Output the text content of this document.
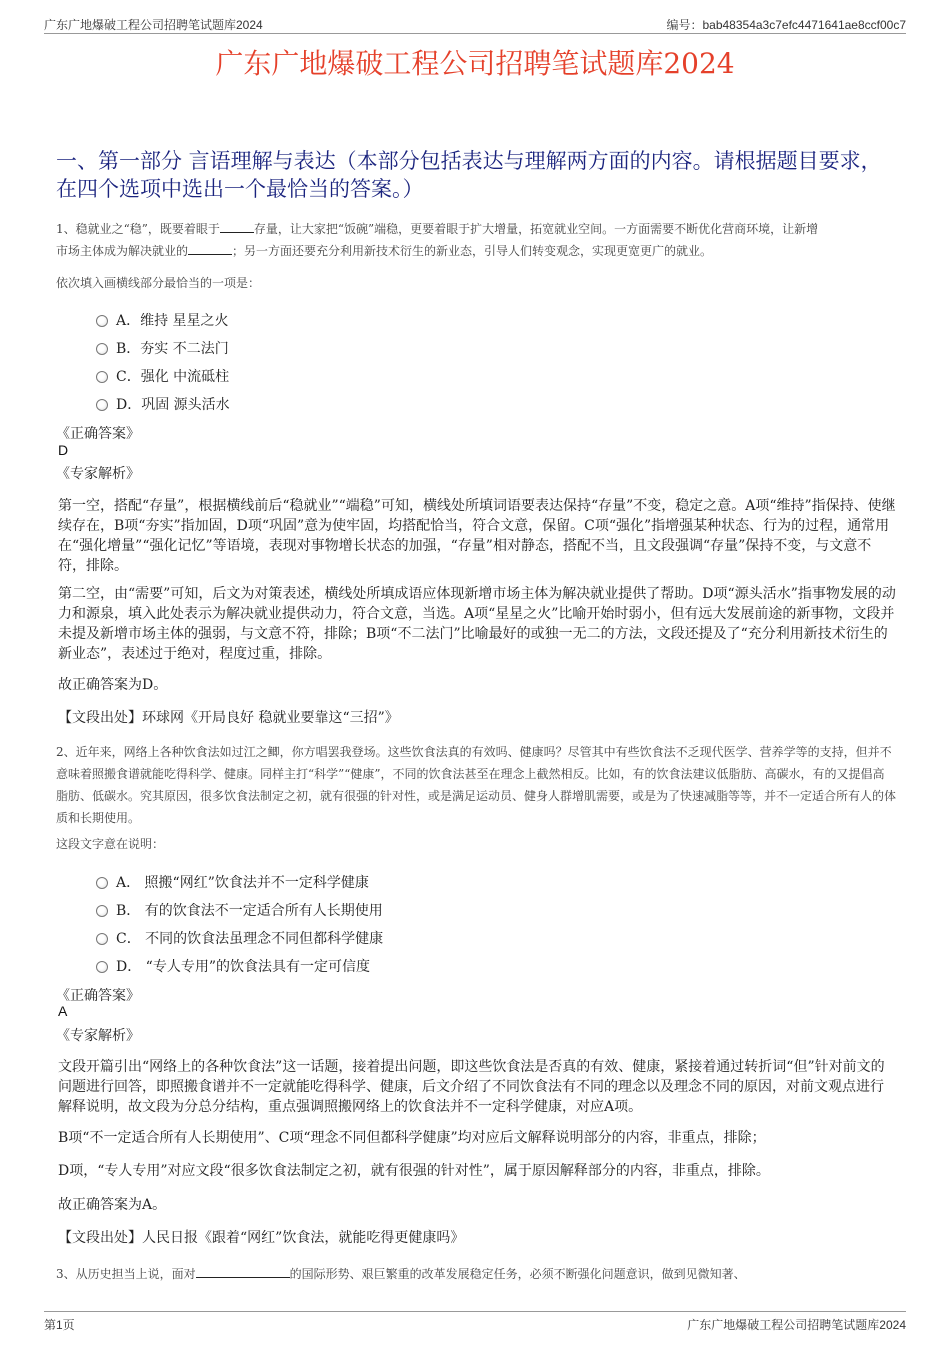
广东广地爆破工程公司招聘笔试题库2024	编号：bab48354a3c7efc4471641ae8ccf00c7
广东广地爆破工程公司招聘笔试题库2024
一、第一部分 言语理解与表达（本部分包括表达与理解两方面的内容。请根据题目要求，在四个选项中选出一个最恰当的答案。）
1、稳就业之“稳”，既要着眼于	存量，让大家把“饭碗”端稳，更要着眼于扩大增量，拓宽就业空间。一方面需要不断优化营商环境，让新增
市场主体成为解决就业的	；另一方面还要充分利用新技术衍生的新业态，引导人们转变观念，实现更宽更广的就业。
依次填入画横线部分最恰当的一项是：
A．维持 星星之火
B．夯实 不二法门
C．强化 中流砥柱
D．巩固 源头活水
《正确答案》
D
《专家解析》
第一空，搭配“存量”，根据横线前后“稳就业”“端稳”可知，横线处所填词语要表达保持“存量”不变，稳定之意。A项“维持”指保持、使继续存在，B项“夯实”指加固，D项“巩固”意为使牢固，均搭配恰当，符合文意，保留。C项“强化”指增强某种状态、行为的过程，通常用在“强化增量”“强化记忆”等语境，表现对事物增长状态的加强，“存量”相对静态，搭配不当，且文段强调“存量”保持不变，与文意不符，排除。
第二空，由“需要”可知，后文为对策表述，横线处所填成语应体现新增市场主体为解决就业提供了帮助。D项“源头活水”指事物发展的动力和源泉，填入此处表示为解决就业提供动力，符合文意，当选。A项“星星之火”比喻开始时弱小，但有远大发展前途的新事物，文段并未提及新增市场主体的强弱，与文意不符，排除；B项“不二法门”比喻最好的或独一无二的方法，文段还提及了“充分利用新技术衍生的新业态”，表述过于绝对，程度过重，排除。
故正确答案为D。
【文段出处】环球网《开局良好 稳就业要靠这“三招”》
2、近年来，网络上各种饮食法如过江之鲫，你方唱罢我登场。这些饮食法真的有效吗、健康吗？尽管其中有些饮食法不乏现代医学、营养学等的支持，但并不意味着照搬食谱就能吃得科学、健康。同样主打“科学”“健康”，不同的饮食法甚至在理念上截然相反。比如，有的饮食法建议低脂肪、高碳水，有的又提倡高脂肪、低碳水。究其原因，很多饮食法制定之初，就有很强的针对性，或是满足运动员、健身人群增肌需要，或是为了快速减脂等等，并不一定适合所有人的体质和长期使用。
这段文字意在说明：
A． 照搬“网红”饮食法并不一定科学健康
B． 有的饮食法不一定适合所有人长期使用
C． 不同的饮食法虽理念不同但都科学健康
D． “专人专用”的饮食法具有一定可信度
《正确答案》
A
《专家解析》
文段开篇引出“网络上的各种饮食法”这一话题，接着提出问题，即这些饮食法是否真的有效、健康，紧接着通过转折词“但”针对前文的问题进行回答，即照搬食谱并不一定就能吃得科学、健康，后文介绍了不同饮食法有不同的理念以及理念不同的原因，对前文观点进行解释说明，故文段为分总分结构，重点强调照搬网络上的饮食法并不一定科学健康，对应A项。
B项“不一定适合所有人长期使用”、C项“理念不同但都科学健康”均对应后文解释说明部分的内容，非重点，排除；
D项，“专人专用”对应文段“很多饮食法制定之初，就有很强的针对性”，属于原因解释部分的内容，非重点，排除。
故正确答案为A。
【文段出处】人民日报《跟着“网红”饮食法，就能吃得更健康吗》
3、从历史担当上说，面对	的国际形势、艰巨繁重的改革发展稳定任务，必须不断强化问题意识，做到见微知著、
第1页	广东广地爆破工程公司招聘笔试题库2024
